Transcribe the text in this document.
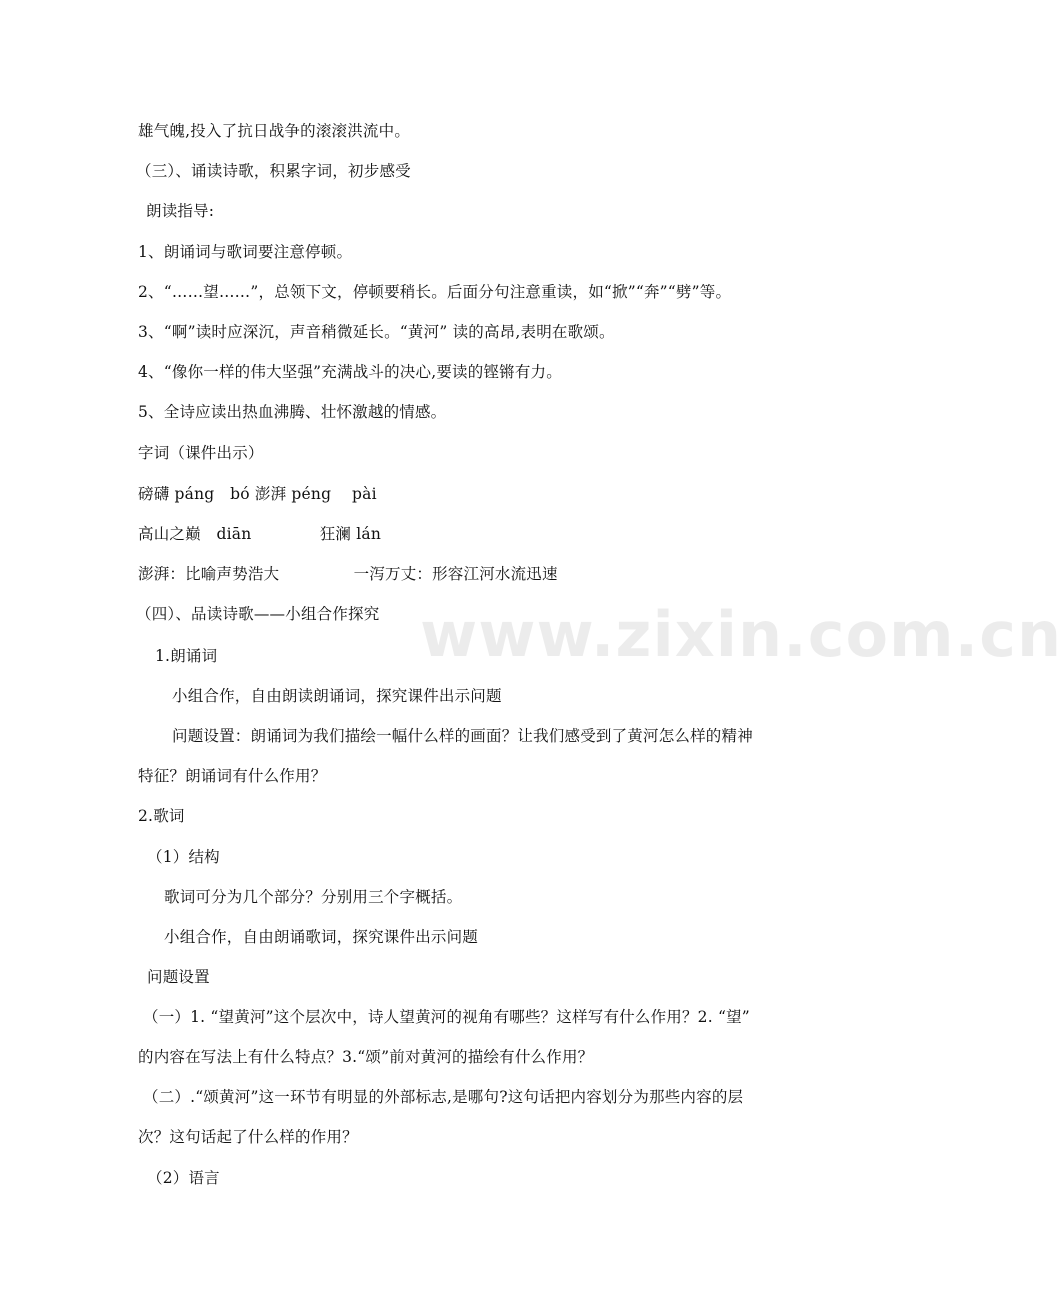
雄气魄,投入了抗日战争的滚滚洪流中。
（三）、诵读诗歌，积累字词，初步感受
朗读指导:
1、朗诵词与歌词要注意停顿。
2、“……望……”，总领下文，停顿要稍长。后面分句注意重读，如“掀”“奔”“劈”等。
3、“啊”读时应深沉，声音稍微延长。“黄河” 读的高昂,表明在歌颂。
4、“像你一样的伟大坚强”充满战斗的决心,要读的铿锵有力。
5、全诗应读出热血沸腾、壮怀激越的情感。
字词（课件出示）
磅礴 páng　bó 澎湃 péng　 pài
高山之巅　diān	狂澜 lán
澎湃：比喻声势浩大	一泻万丈：形容江河水流迅速
www.zixin.com.cn
（四）、品读诗歌——小组合作探究
1.朗诵词
小组合作，自由朗读朗诵词，探究课件出示问题
问题设置：朗诵词为我们描绘一幅什么样的画面？让我们感受到了黄河怎么样的精神
特征？朗诵词有什么作用？
2.歌词
（1）结构
歌词可分为几个部分？分别用三个字概括。
小组合作，自由朗诵歌词，探究课件出示问题
问题设置
（一）1. “望黄河”这个层次中，诗人望黄河的视角有哪些？这样写有什么作用？2. “望”
的内容在写法上有什么特点？3.“颂”前对黄河的描绘有什么作用？
（二）.“颂黄河”这一环节有明显的外部标志,是哪句?这句话把内容划分为那些内容的层
次？这句话起了什么样的作用？
（2）语言
